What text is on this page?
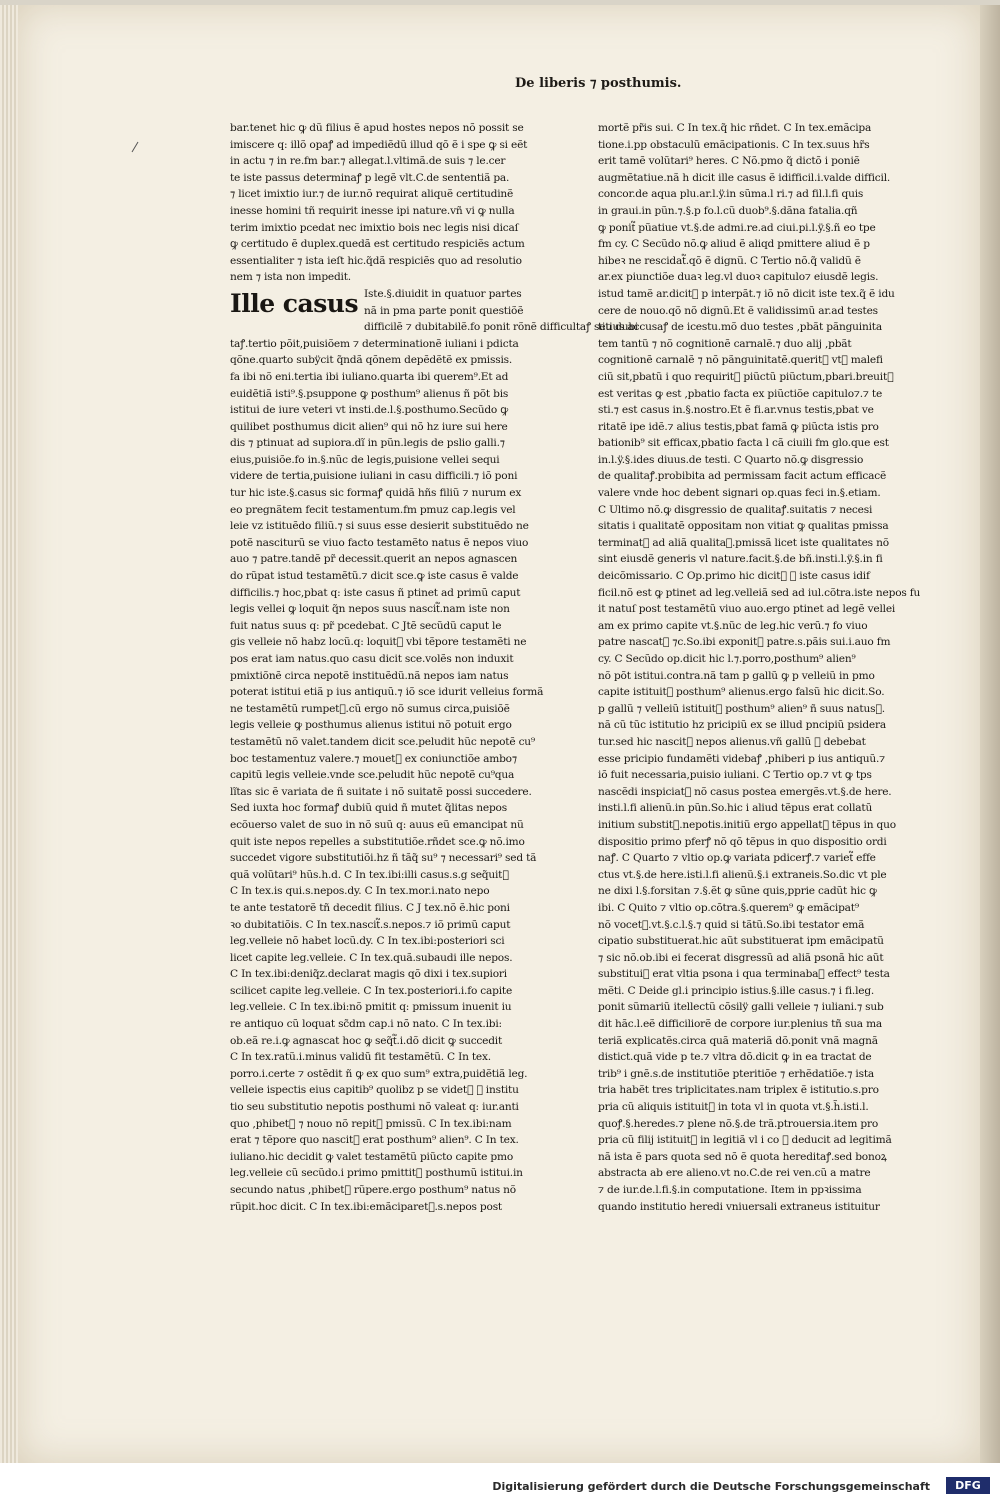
De liberis ⁊ posthumis.
bar.tenet hic ꝙ dũ filius ẽ apud hostes nepos nõ possit se
imiscere q: illõ opaꝭ ad impediẽdũ illud qõ ẽ i spe ꝙ si eẽt
in actu ⁊ in re.fm bar.⁊ allegat.l.vltimã.de suis ⁊ le.cer
te iste passus determinaꝭ p legẽ vlt.C.de sententiã pa.
⁊ licet imixtio iur.⁊ de iur.nõ requirat aliquẽ certitudinẽ
inesse homini tñ requirit inesse ipi nature.vñ vi ꝙ nulla
terim imixtio pcedat nec imixtio bois nec legis nisi dicaſ
ꝙ certitudo ẽ duplex.quedã est certitudo respiciẽs actum
essentialiter ⁊ ista ieſt hic.q̃dã respiciẽs quo ad resolutio
nem ⁊ ista non impedit.
Ille casus Iste.§.diuidit in quatuor partes
nã in pma parte ponit questiõẽ
difficilẽ ⁊ dubitabilẽ.fo ponit rõnẽ difficultaꝭ seu dubi
taꝭ.tertio põit,puisiõem ⁊ determinationẽ iuliani i pdicta
qõne.quarto subÿcit q̃ndã qõnem depẽdẽtẽ ex pmissis.
fa ibi nõ eni.tertia ibi iuliano.quarta ibi querem⁹.Et ad
euidẽtiã isti⁹.§.psuppone ꝙ posthum⁹ alienus ñ põt bis
istitui de iure veteri vt insti.de.l.§.posthumo.Secũdo ꝙ
quilibet posthumus dicit alien⁹ qui nõ hz iure sui here
dis ⁊ ptinuat ad supiora.dĩ in pũn.legis de pslio galli.⁊
eius,puisiõe.fo in.§.nũc de legis,puisione vellei sequi
videre de tertia,puisione iuliani in casu difficili.⁊ iõ poni
tur hic iste.§.casus sic formaꝭ quidã hñs filiũ ⁊ nurum ex
eo pregnãtem fecit testamentum.fm pmuz cap.legis vel
leie vz istituẽdo filiũ.⁊ si suus esse desierit substituẽdo ne
potẽ nasciturũ se viuo facto testamẽto natus ẽ nepos viuo
auo ⁊ patre.tandẽ pr̃ decessit.querit an nepos agnascen
do rũpat istud testamẽtũ.⁊ dicit sce.ꝙ iste casus ẽ valde
difficilis.⁊ hoc,pbat q: iste casus ñ ptinet ad primũ caput
legis vellei ꝙ loquit q̃n nepos suus nascit᷑.nam iste non
fuit natus suus q: pr̃ pcedebat. C Jtẽ secũdũ caput le
gis velleie nõ habz locũ.q: loquit᷑ vbi tẽpore testamẽti ne
pos erat iam natus.quo casu dicit sce.volẽs non induxit
pmixtiõnẽ circa nepotẽ instituẽdũ.nã nepos iam natus
poterat istitui etiã p ius antiquũ.⁊ iõ sce idurit velleius formã
ne testamẽtũ rumpet᷑.cũ ergo nõ sumus circa,puisiõẽ
legis velleie ꝙ posthumus alienus istitui nõ potuit ergo
testamẽtũ nõ valet.tandem dicit sce.peludit hũc nepotẽ cu⁹
boc testamentuz valere.⁊ mouet᷑ ex coniunctiõe ambo⁊
capitũ legis velleie.vnde sce.peludit hũc nepotẽ cu⁹qua
lĩtas sic ẽ variata de ñ suitate i nõ suitatẽ possi succedere.
Sed iuxta hoc formaꝭ dubiũ quid ñ mutet q̃litas nepos
ecõuerso valet de suo in nõ suũ q: auus eũ emancipat nũ
quit iste nepos repelles a substitutiõe.rñdet sce.ꝙ nõ.imo
succedet vigore substitutiõi.hz ñ tãq̃ su⁹ ⁊ necessari⁹ sed tã
quã volũtari⁹ hũs.h.d. C In tex.ibi:illi casus.s.g seq̃uit᷑
C In tex.is qui.s.nepos.dy. C In tex.mor.i.nato nepo
te ante testatorẽ tñ decedit filius. C J tex.nõ ẽ.hic poni
ꝛo dubitatiõis. C In tex.nascit᷑.s.nepos.⁊ iõ primũ caput
leg.velleie nõ habet locũ.dy. C In tex.ibi:posteriori sci
licet capite leg.velleie. C In tex.quã.subaudi ille nepos.
C In tex.ibi:deniq̃z.declarat magis qõ dixi i tex.supiori
scilicet capite leg.velleie. C In tex.posteriori.i.fo capite
leg.velleie. C In tex.ibi:nõ pmitit q: pmissum inuenit iu
re antiquo cũ loquat sc̃dm cap.i nõ nato. C In tex.ibi:
ob.eã re.i.ꝙ agnascat hoc ꝙ seq̃t᷑.i.dõ dicit ꝙ succedit
C In tex.ratũ.i.minus validũ fit testamẽtũ. C In tex.
porro.i.certe ⁊ ostẽdit ñ ꝙ ex quo sum⁹ extra,puidẽtiã leg.
velleie ispectis eius capitib⁹ quolibz p se videt᷑ ꝙ institu
tio seu substitutio nepotis posthumi nõ valeat q: iur.anti
quo ,phibet᷑ ⁊ nouo nõ repit᷑ pmissũ. C In tex.ibi:nam
erat ⁊ tẽpore quo nascit᷑ erat posthum⁹ alien⁹. C In tex.
iuliano.hic decidit ꝙ valet testamẽtũ piũcto capite pmo
leg.velleie cũ secũdo.i primo pmittit᷑ posthumũ istitui.in
secundo natus ,phibet᷑ rũpere.ergo posthum⁹ natus nõ
rũpit.hoc dicit. C In tex.ibi:emãciparet᷑.s.nepos post
mortẽ pr̃is sui. C In tex.q̃ hic rñdet. C In tex.emãcipa
tione.i.pp obstaculũ emãcipationis. C In tex.suus hr̃s
erit tamẽ volũtari⁹ heres. C Nõ.pmo q̃ dictõ i poniẽ
augmẽtatiue.nã h dicit ille casus ẽ idifficil.i.valde difficil.
concor.de aqua plu.ar.l.ÿ.in sũma.l ri.⁊ ad fil.l.fi quis
in graui.in pũn.⁊.§.p fo.l.cũ duob⁹.§.dãna fatalia.qñ
ꝙ ponit᷑ pũatiue vt.§.de admi.re.ad ciui.pi.l.ÿ.§.ñ eo tpe
fm cy. C Secũdo nõ.ꝙ aliud ẽ aliqd pmittere aliud ẽ p
hibeꝛ ne rescidat᷑.qõ ẽ dignũ. C Tertio nõ.q̃ validũ ẽ
ar.ex piunctiõe duaꝛ leg.vl duoꝛ capitulo⁊ eiusdẽ legis.
istud tamẽ ar.dicit᷑ p interpãt.⁊ iõ nõ dicit iste tex.q̃ ẽ idu
cere de nouo.qõ nõ dignũ.Et ẽ validissimũ ar.ad testes
titius accusaꝭ de icestu.mõ duo testes ,pbãt pãnguinita
tem tantũ ⁊ nõ cognitionẽ carnalẽ.⁊ duo alij ,pbãt
cognitionẽ carnalẽ ⁊ nõ pãnguinitatẽ.querit᷑ vtꝝ malefi
ciũ sit,pbatũ i quo requirit᷑ piũctũ piũctum,pbari.breuit᷑
est veritas ꝙ est ,pbatio facta ex piũctiõe capitulo⁊.⁊ te
sti.⁊ est casus in.§.nostro.Et ẽ fi.ar.vnus testis,pbat ve
ritatẽ ipe idẽ.⁊ alius testis,pbat famã ꝙ piũcta istis pro
bationib⁹ sit efficax,pbatio facta l cã ciuili fm glo.que est
in.l.ÿ.§.ides diuus.de testi. C Quarto nõ.ꝙ disgressio
de qualitaꝭ.probibita ad permissam facit actum efficacẽ
valere vnde hoc debent signari op.quas feci in.§.etiam.
C Ultimo nõ.ꝙ disgressio de qualitaꝭ.suitatis ⁊ necesi
sitatis i qualitatẽ oppositam non vitiat ꝙ qualitas pmissa
terminat᷑ ad aliã qualitaꝭ.pmissã licet iste qualitates nõ
sint eiusdẽ generis vl nature.facit.§.de bñ.insti.l.ÿ.§.in fi
deicõmissario. C Op.primo hic dicit᷑ ꝙ iste casus idif
ficil.nõ est ꝙ ptinet ad leg.velleiã sed ad iul.cõtra.iste nepos fu
it natuſ post testamẽtũ viuo auo.ergo ptinet ad legẽ vellei
am ex primo capite vt.§.nũc de leg.hic verũ.⁊ fo viuo
patre nascat᷑ ⁊c.So.ibi exponit᷑ patre.s.pãis sui.i.auo fm
cy. C Secũdo op.dicit hic l.⁊.porro,posthum⁹ alien⁹
nõ põt istitui.contra.nã tam p gallũ ꝙ p velleiũ in pmo
capite istituit᷑ posthum⁹ alienus.ergo falsũ hic dicit.So.
p gallũ ⁊ velleiũ istituit᷑ posthum⁹ alien⁹ ñ suus natus᷑.
nã cũ tũc istitutio hz pricipiũ ex se illud pncipiũ psidera
tur.sed hic nascit᷑ nepos alienus.vñ gallũ ꝙ debebat
esse pricipio fundamẽti videbaꝭ ,phiberi p ius antiquũ.⁊
iõ fuit necessaria,puisio iuliani. C Tertio op.⁊ vt ꝙ tps
nascẽdi inspiciat᷑ nõ casus postea emergẽs.vt.§.de here.
insti.l.fi alienũ.in pũn.So.hic i aliud tẽpus erat collatũ
initium substit᷑.nepotis.initiũ ergo appellat᷑ tẽpus in quo
dispositio primo pferꝭ nõ qõ tẽpus in quo dispositio ordi
naꝭ. C Quarto ⁊ vltio op.ꝙ variata pdicerꝭ.⁊ variet᷑ effe
ctus vt.§.de here.isti.l.fi alienũ.§.i extraneis.So.dic vt ple
ne dixi l.§.forsitan ⁊.§.ẽt ꝙ sũne quis,pprie cadũt hic ꝙ
ibi. C Quito ⁊ vltio op.cõtra.§.querem⁹ ꝙ emãcipat⁹
nõ vocet᷑.vt.§.c.l.§.⁊ quid si tãtũ.So.ibi testator emã
cipatio substituerat.hic aũt substituerat ipm emãcipatũ
⁊ sic nõ.ob.ibi ei fecerat disgressũ ad aliã psonã hic aũt
substitui᷑ erat vltia psona i qua terminabaꝭ effect⁹ testa
mẽti. C Deide gl.i principio istius.§.ille casus.⁊ i fi.leg.
ponit sũmariũ itellectũ cõsilÿ galli velleie ⁊ iuliani.⁊ sub
dit hãc.l.eẽ difficiliorẽ de corpore iur.plenius tñ sua ma
teriã explicatẽs.circa quã materiã dõ.ponit vnã magnã
distict.quã vide p te.⁊ vltra dõ.dicit ꝙ in ea tractat de
trib⁹ i gnẽ.s.de institutiõe pteritiõe ⁊ erhẽdatiõe.⁊ ista
tria habẽt tres triplicitates.nam triplex ẽ istitutio.s.pro
pria cũ aliquis istituit᷑ in tota vl in quota vt.§.h̃.isti.l.
quoꝭ.§.heredes.⁊ plene nõ.§.de trã.ptrouersia.item pro
pria cũ filij istituit᷑ in legitiã vl i co ꝙ deducit ad legitimã
nã ista ẽ pars quota sed nõ ẽ quota hereditaꝭ.sed bonoꝝ
abstracta ab ere alieno.vt no.C.de rei ven.cũ a matre
⁊ de iur.de.l.fi.§.in computatione. Item in ppꝛissima
quando institutio heredi vniuersali extraneus istituitur
Digitalisierung gefördert durch die Deutsche Forschungsgemeinschaft	DFG
